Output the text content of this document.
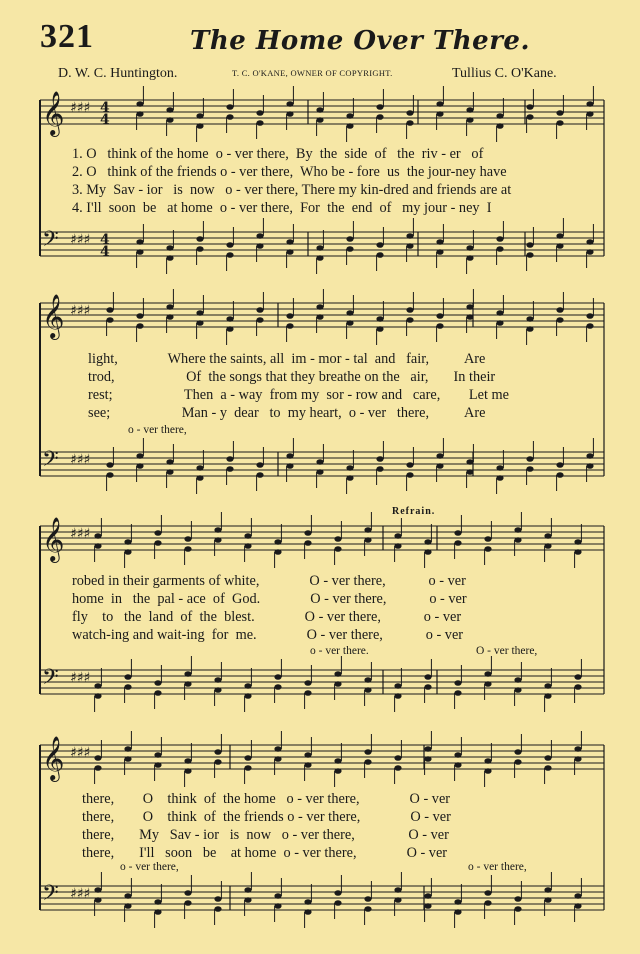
321	The Home Over There.
D. W. C. Huntington.	T. C. O'KANE, OWNER OF COPYRIGHT.	Tullius C. O'Kane.
𝄞 ♯♯♯ 4
4
𝄢 ♯♯♯ 4
4
𝄞 ♯♯♯
𝄢 ♯♯♯
𝄞 ♯♯♯
𝄢 ♯♯♯
𝄞 ♯♯♯
𝄢 ♯♯♯
1. O   think of the home  o - ver there,  By  the  side  of   the  riv - er   of
2. O   think of the friends o - ver there,  Who be - fore  us  the jour-ney have
3. My  Sav - ior   is  now   o - ver there, There my kin-dred and friends are at
4. I'll  soon  be   at home  o - ver there,  For  the  end  of   my jour - ney  I
light,              Where the saints, all  im - mor - tal  and   fair,          Are
trod,                    Of  the songs that they breathe on the   air,       In their
rest;                    Then  a - way  from my  sor - row and   care,        Let me
see;                    Man - y  dear   to  my heart,  o - ver   there,          Are
o - ver there,
Refrain.
robed in their garments of white,              O - ver there,            o - ver
home  in   the  pal - ace  of  God.              O - ver there,            o - ver
fly    to   the  land  of  the  blest.              O - ver there,            o - ver
watch-ing and wait-ing  for  me.              O - ver there,            o - ver
o - ver there.	O - ver there,
there,        O    think  of  the home   o - ver there,              O - ver
there,        O    think  of  the friends o - ver there,              O - ver
there,       My   Sav - ior   is  now   o - ver there,               O - ver
there,       I'll   soon   be    at home  o - ver there,              O - ver
o - ver there,	o - ver there,
